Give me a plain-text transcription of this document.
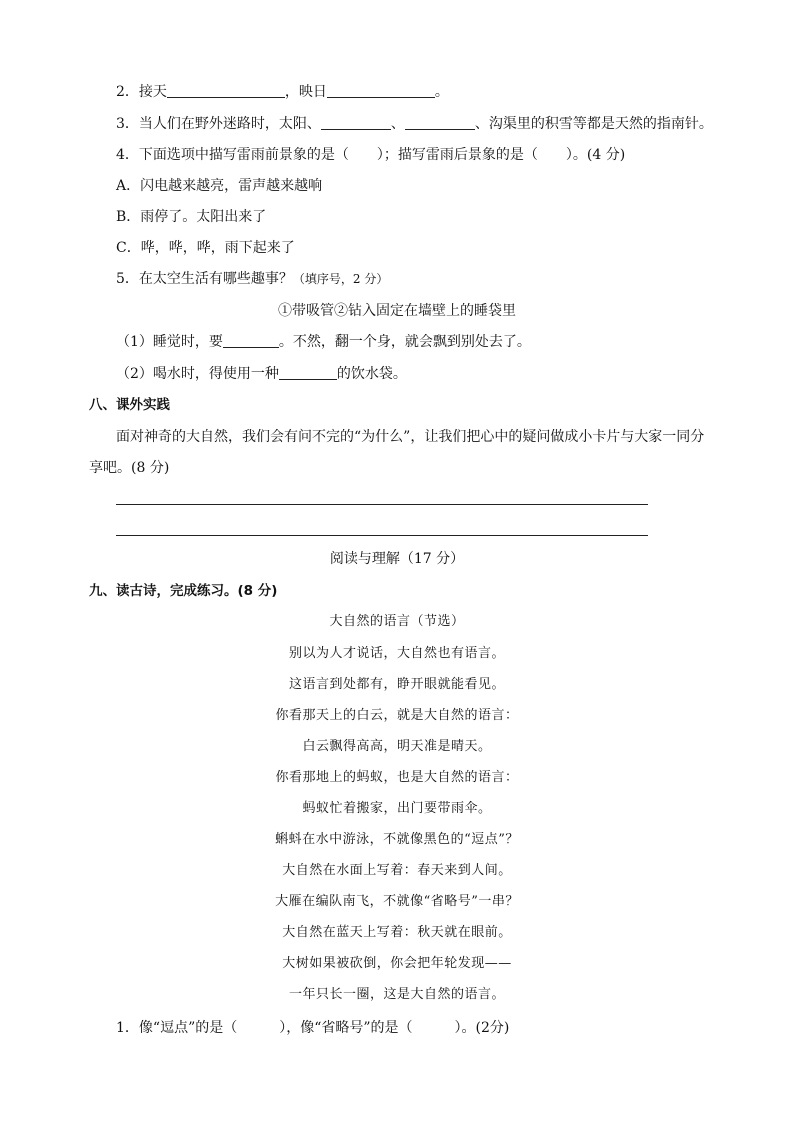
2．接天	，映日	。
3．当人们在野外迷路时，太阳、	、	、沟渠里的积雪等都是天然的指南针。
4．下面选项中描写雷雨前景象的是（　　）；描写雷雨后景象的是（　　）。(4 分)
A．闪电越来越亮，雷声越来越响
B．雨停了。太阳出来了
C．哗，哗，哗，雨下起来了
5．在太空生活有哪些趣事？（填序号，2 分）
①带吸管②钻入固定在墙壁上的睡袋里
（1）睡觉时，要	。不然，翻一个身，就会飘到别处去了。
（2）喝水时，得使用一种	的饮水袋。
八、课外实践
面对神奇的大自然，我们会有问不完的“为什么”，让我们把心中的疑问做成小卡片与大家一同分
享吧。(8 分)
阅读与理解（17 分）
九、读古诗，完成练习。(8 分)
大自然的语言（节选）
别以为人才说话，大自然也有语言。
这语言到处都有，睁开眼就能看见。
你看那天上的白云，就是大自然的语言：
白云飘得高高，明天准是晴天。
你看那地上的蚂蚁，也是大自然的语言：
蚂蚁忙着搬家，出门要带雨伞。
蝌蚪在水中游泳，不就像黑色的“逗点”？
大自然在水面上写着：春天来到人间。
大雁在编队南飞，不就像“省略号”一串？
大自然在蓝天上写着：秋天就在眼前。
大树如果被砍倒，你会把年轮发现——
一年只长一圈，这是大自然的语言。
1．像“逗点”的是（　　　），像“省略号”的是（　　　）。(2分)
